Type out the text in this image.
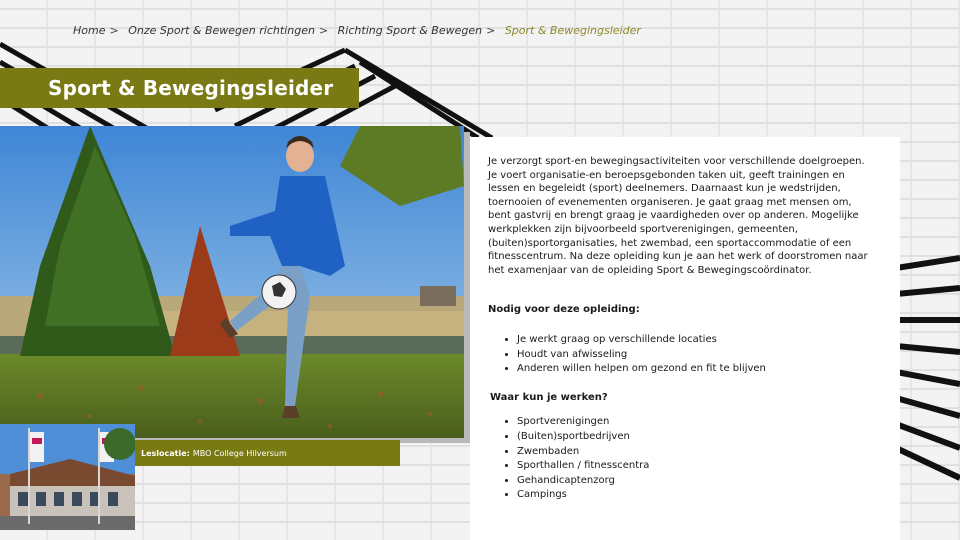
Home > Onze Sport & Bewegen richtingen > Richting Sport & Bewegen > Sport & Bewegingsleider
Sport & Bewegingsleider
Leslocatie: MBO College Hilversum

Je verzorgt sport-en bewegingsactiviteiten voor verschillende doelgroepen. Je voert organisatie-en beroepsgebonden taken uit, geeft trainingen en lessen en begeleidt (sport) deelnemers. Daarnaast kun je wedstrijden, toernooien of evenementen organiseren. Je gaat graag met mensen om, bent gastvrij en brengt graag je vaardigheden over op anderen. Mogelijke werkplekken zijn bijvoorbeeld sportverenigingen, gemeenten, (buiten)sportorganisaties, het zwembad, een sportaccommodatie of een fitnesscentrum. Na deze opleiding kun je aan het werk of doorstromen naar het examenjaar van de opleiding Sport & Bewegingscoördinator.

Nodig voor deze opleiding:
• Je werkt graag op verschillende locaties
• Houdt van afwisseling
• Anderen willen helpen om gezond en fit te blijven
Waar kun je werken?
• Sportverenigingen
• (Buiten)sportbedrijven
• Zwembaden
• Sporthallen / fitnesscentra
• Gehandicaptenzorg
• Campings
